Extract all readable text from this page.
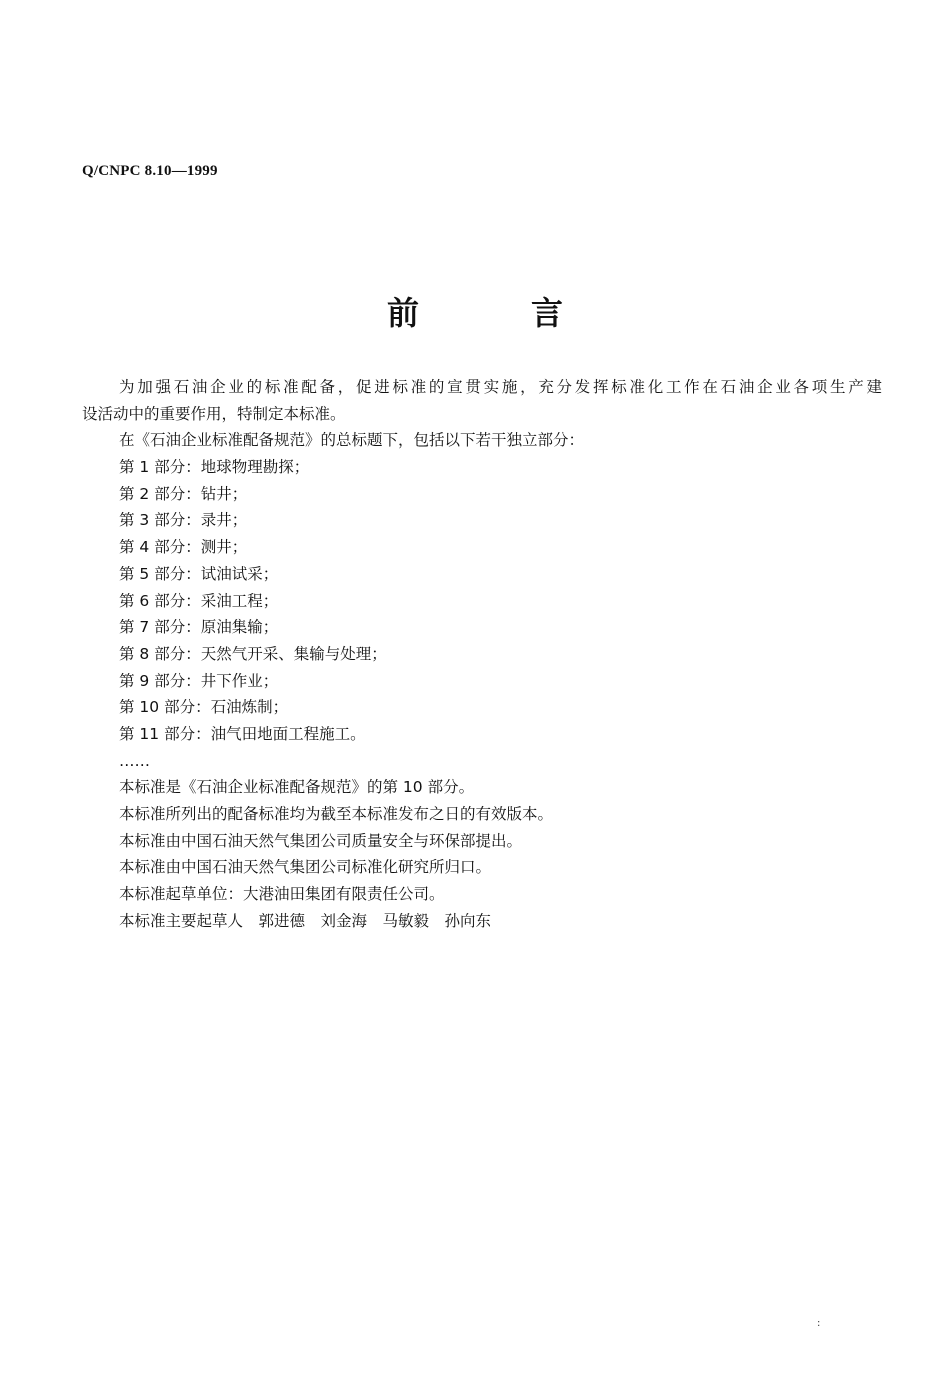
Q/CNPC 8.10—1999
前	言
为加强石油企业的标准配备，促进标准的宣贯实施，充分发挥标准化工作在石油企业各项生产建
设活动中的重要作用，特制定本标准。
在《石油企业标准配备规范》的总标题下，包括以下若干独立部分：
第 1 部分：地球物理勘探；
第 2 部分：钻井；
第 3 部分：录井；
第 4 部分：测井；
第 5 部分：试油试采；
第 6 部分：采油工程；
第 7 部分：原油集输；
第 8 部分：天然气开采、集输与处理；
第 9 部分：井下作业；
第 10 部分：石油炼制；
第 11 部分：油气田地面工程施工。
……
本标准是《石油企业标准配备规范》的第 10 部分。
本标准所列出的配备标准均为截至本标准发布之日的有效版本。
本标准由中国石油天然气集团公司质量安全与环保部提出。
本标准由中国石油天然气集团公司标准化研究所归口。
本标准起草单位：大港油田集团有限责任公司。
本标准主要起草人　郭进德　刘金海　马敏毅　孙向东
:
